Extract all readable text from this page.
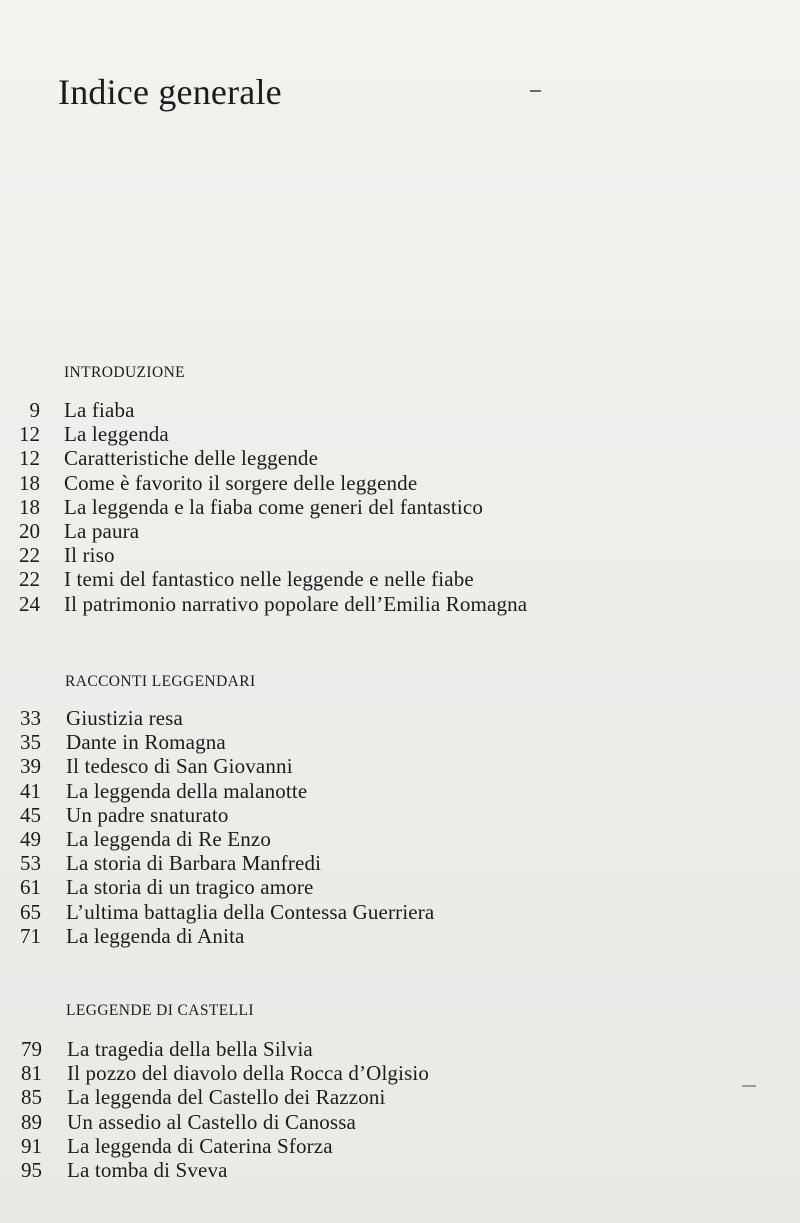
Indice generale
INTRODUZIONE
9 La fiaba
12 La leggenda
12 Caratteristiche delle leggende
18 Come è favorito il sorgere delle leggende
18 La leggenda e la fiaba come generi del fantastico
20 La paura
22 Il riso
22 I temi del fantastico nelle leggende e nelle fiabe
24 Il patrimonio narrativo popolare dell’Emilia Romagna
RACCONTI LEGGENDARI
33 Giustizia resa
35 Dante in Romagna
39 Il tedesco di San Giovanni
41 La leggenda della malanotte
45 Un padre snaturato
49 La leggenda di Re Enzo
53 La storia di Barbara Manfredi
61 La storia di un tragico amore
65 L’ultima battaglia della Contessa Guerriera
71 La leggenda di Anita
LEGGENDE DI CASTELLI
79 La tragedia della bella Silvia
81 Il pozzo del diavolo della Rocca d’Olgisio
85 La leggenda del Castello dei Razzoni
89 Un assedio al Castello di Canossa
91 La leggenda di Caterina Sforza
95 La tomba di Sveva
